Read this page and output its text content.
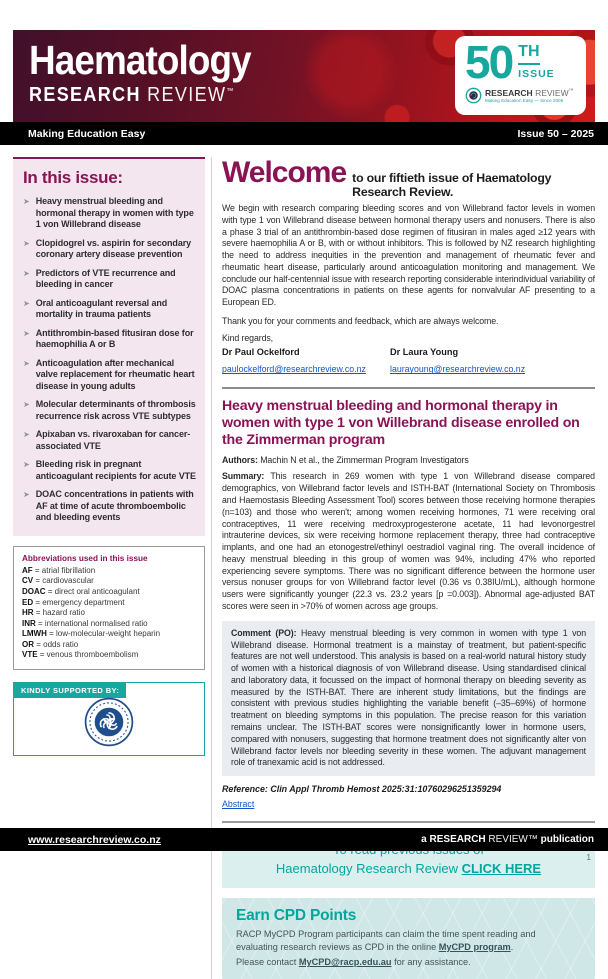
Haematology
RESEARCH REVIEW™
50 TH
ISSUE
RESEARCH REVIEW™
Making Education Easy — Since 2006
Making Education Easy	Issue 50 – 2025
In this issue:
➤ Heavy menstrual bleeding and hormonal therapy in women with type 1 von Willebrand disease
➤ Clopidogrel vs. aspirin for secondary coronary artery disease prevention
➤ Predictors of VTE recurrence and bleeding in cancer
➤ Oral anticoagulant reversal and mortality in trauma patients
➤ Antithrombin-based fitusiran dose for haemophilia A or B
➤ Anticoagulation after mechanical valve replacement for rheumatic heart disease in young adults
➤ Molecular determinants of thrombosis recurrence risk across VTE subtypes
➤ Apixaban vs. rivaroxaban for cancer-associated VTE
➤ Bleeding risk in pregnant anticoagulant recipients for acute VTE
➤ DOAC concentrations in patients with AF at time of acute thromboembolic and bleeding events
Abbreviations used in this issue
AF = atrial fibrillation
CV = cardiovascular
DOAC = direct oral anticoagulant
ED = emergency department
HR = hazard ratio
INR = international normalised ratio
LMWH = low-molecular-weight heparin
OR = odds ratio
VTE = venous thromboembolism
KINDLY SUPPORTED BY:
Welcome to our fiftieth issue of Haematology Research Review.

We begin with research comparing bleeding scores and von Willebrand factor levels in women with type 1 von Willebrand disease between hormonal therapy users and nonusers. There is also a phase 3 trial of an antithrombin-based dose regimen of fitusiran in males aged ≥12 years with severe haemophilia A or B, with or without inhibitors. This is followed by NZ research highlighting the need to address inequities in the prevention and management of rheumatic fever and rheumatic heart disease, particularly around anticoagulation monitoring and management. We conclude our half-centennial issue with research reporting considerable interindividual variability of DOAC plasma concentrations in patients on these agents for nonvalvular AF presenting to a European ED.

Thank you for your comments and feedback, which are always welcome.

Kind regards,

Dr Paul Ockelford
paulockelford@researchreview.co.nz
Dr Laura Young
laurayoung@researchreview.co.nz
Heavy menstrual bleeding and hormonal therapy in women with type 1 von Willebrand disease enrolled on the Zimmerman program

Authors: Machin N et al., the Zimmerman Program Investigators

Summary: This research in 269 women with type 1 von Willebrand disease compared demographics, von Willebrand factor levels and ISTH-BAT (International Society on Thrombosis and Haemostasis Bleeding Assessment Tool) scores between those receiving hormone therapies (n=103) and those who weren't; among women receiving hormones, 71 were receiving oral contraceptives, 11 were receiving medroxyprogesterone acetate, 11 had levonorgestrel intrauterine devices, six were receiving hormone replacement therapy, three had contraceptive implants, and one had an etonogestrel/ethinyl oestradiol vaginal ring. The overall incidence of heavy menstrual bleeding in this group of women was 94%, including 47% who reported experiencing severe symptoms. There was no significant difference between the hormone user versus nonuser groups for von Willebrand factor level (0.36 vs 0.38IU/mL), although hormone users were significantly younger (22.3 vs. 23.2 years [p =0.003]). Abnormal age-adjusted BAT scores were seen in >70% of women across age groups.

Comment (PO): Heavy menstrual bleeding is very common in women with type 1 von Willebrand disease. Hormonal treatment is a mainstay of treatment, but patient-specific features are not well understood. This analysis is based on a real-world natural history study of women with a historical diagnosis of von Willebrand disease. Using standardised clinical and laboratory data, it focussed on the impact of hormonal therapy on bleeding severity as measured by the ISTH-BAT. There are inherent study limitations, but the findings are consistent with previous studies highlighting the variable benefit (–35–69%) of hormone treatment on bleeding symptoms in this population. The precise reason for this variation remains unclear. The ISTH-BAT scores were nonsignificantly lower in hormone users, compared with nonusers, suggesting that hormone treatment does not significantly alter von Willebrand factor levels nor bleeding severity in these women. The adjuvant management role of tranexamic acid is not addressed.

Reference: Clin Appl Thromb Hemost 2025:31:10760296251359294

Abstract
Haematology Research Review CLICK HERE
Earn CPD Points

RACP MyCPD Program participants can claim the time spent reading and evaluating research reviews as CPD in the online MyCPD program.

Please contact MyCPD@racp.edu.au for any assistance.

www.researchreview.co.nz	a RESEARCH REVIEW™ publication
1
